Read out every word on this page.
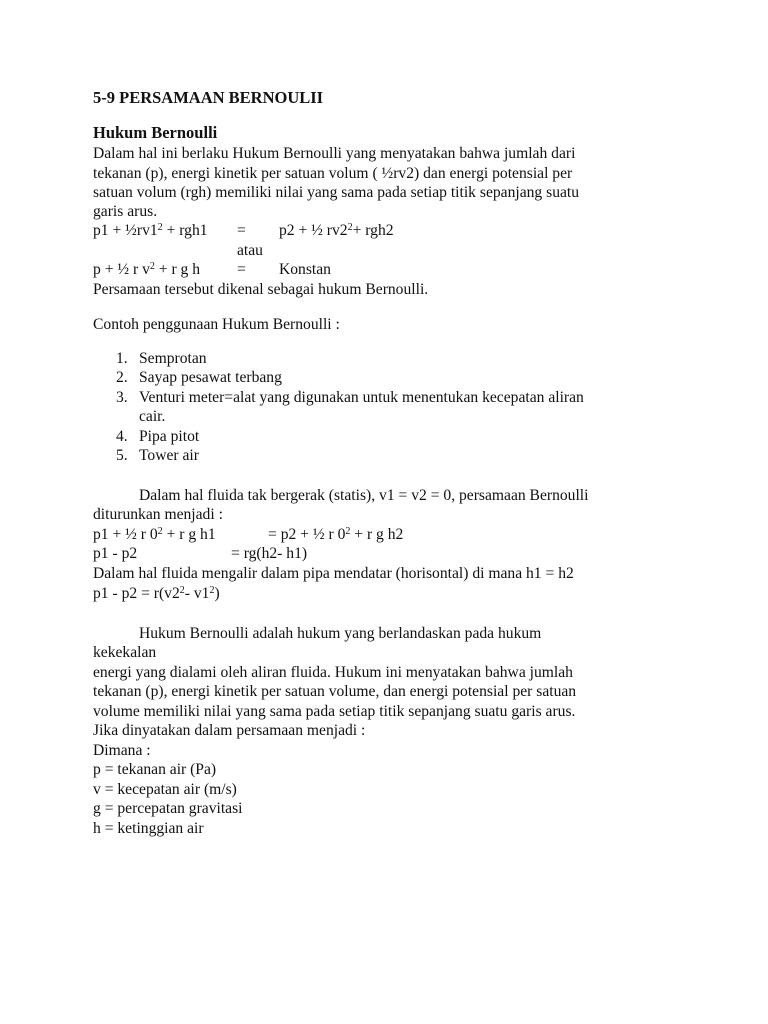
5-9 PERSAMAAN BERNOULII
Hukum Bernoulli
Dalam hal ini berlaku Hukum Bernoulli yang menyatakan bahwa jumlah dari
tekanan (p), energi kinetik per satuan volum ( ½rv2) dan energi potensial per
satuan volum (rgh) memiliki nilai yang sama pada setiap titik sepanjang suatu
garis arus.
$p1 + \frac{1}{2}rv1^2 + rgh1 = p2$ + ½ $rv2^2+ rgh2$
atau
p + ½ r $v^2 + r$ g h = Konstan
Persamaan tersebut dikenal sebagai hukum Bernoulli.
Contoh penggunaan Hukum Bernoulli :
1. Semprotan
2. Sayap pesawat terbang
3. Venturi meter=alat yang digunakan untuk menentukan kecepatan aliran
cair.
4. Pipa pitot
5. Tower air
Dalam hal fluida tak bergerak (statis), v1 = v2 = 0, persamaan Bernoulli
diturunkan menjadi :
p1 + ½ r $0^2 + r$ g h1	= p2 + ½ r $0^2 + r$ g h2
p1 - p2	= rg(h2- h1)
Dalam hal fluida mengalir dalam pipa mendatar (horisontal) di mana h1 = h2
$p1 - p2 = r(v2^2-$ $v1^2$)
Hukum Bernoulli adalah hukum yang berlandaskan pada hukum
kekekalan
energi yang dialami oleh aliran fluida. Hukum ini menyatakan bahwa jumlah
tekanan (p), energi kinetik per satuan volume, dan energi potensial per satuan
volume memiliki nilai yang sama pada setiap titik sepanjang suatu garis arus.
Jika dinyatakan dalam persamaan menjadi :
Dimana :
p = tekanan air (Pa)
v = kecepatan air (m/s)
g = percepatan gravitasi
h = ketinggian air
